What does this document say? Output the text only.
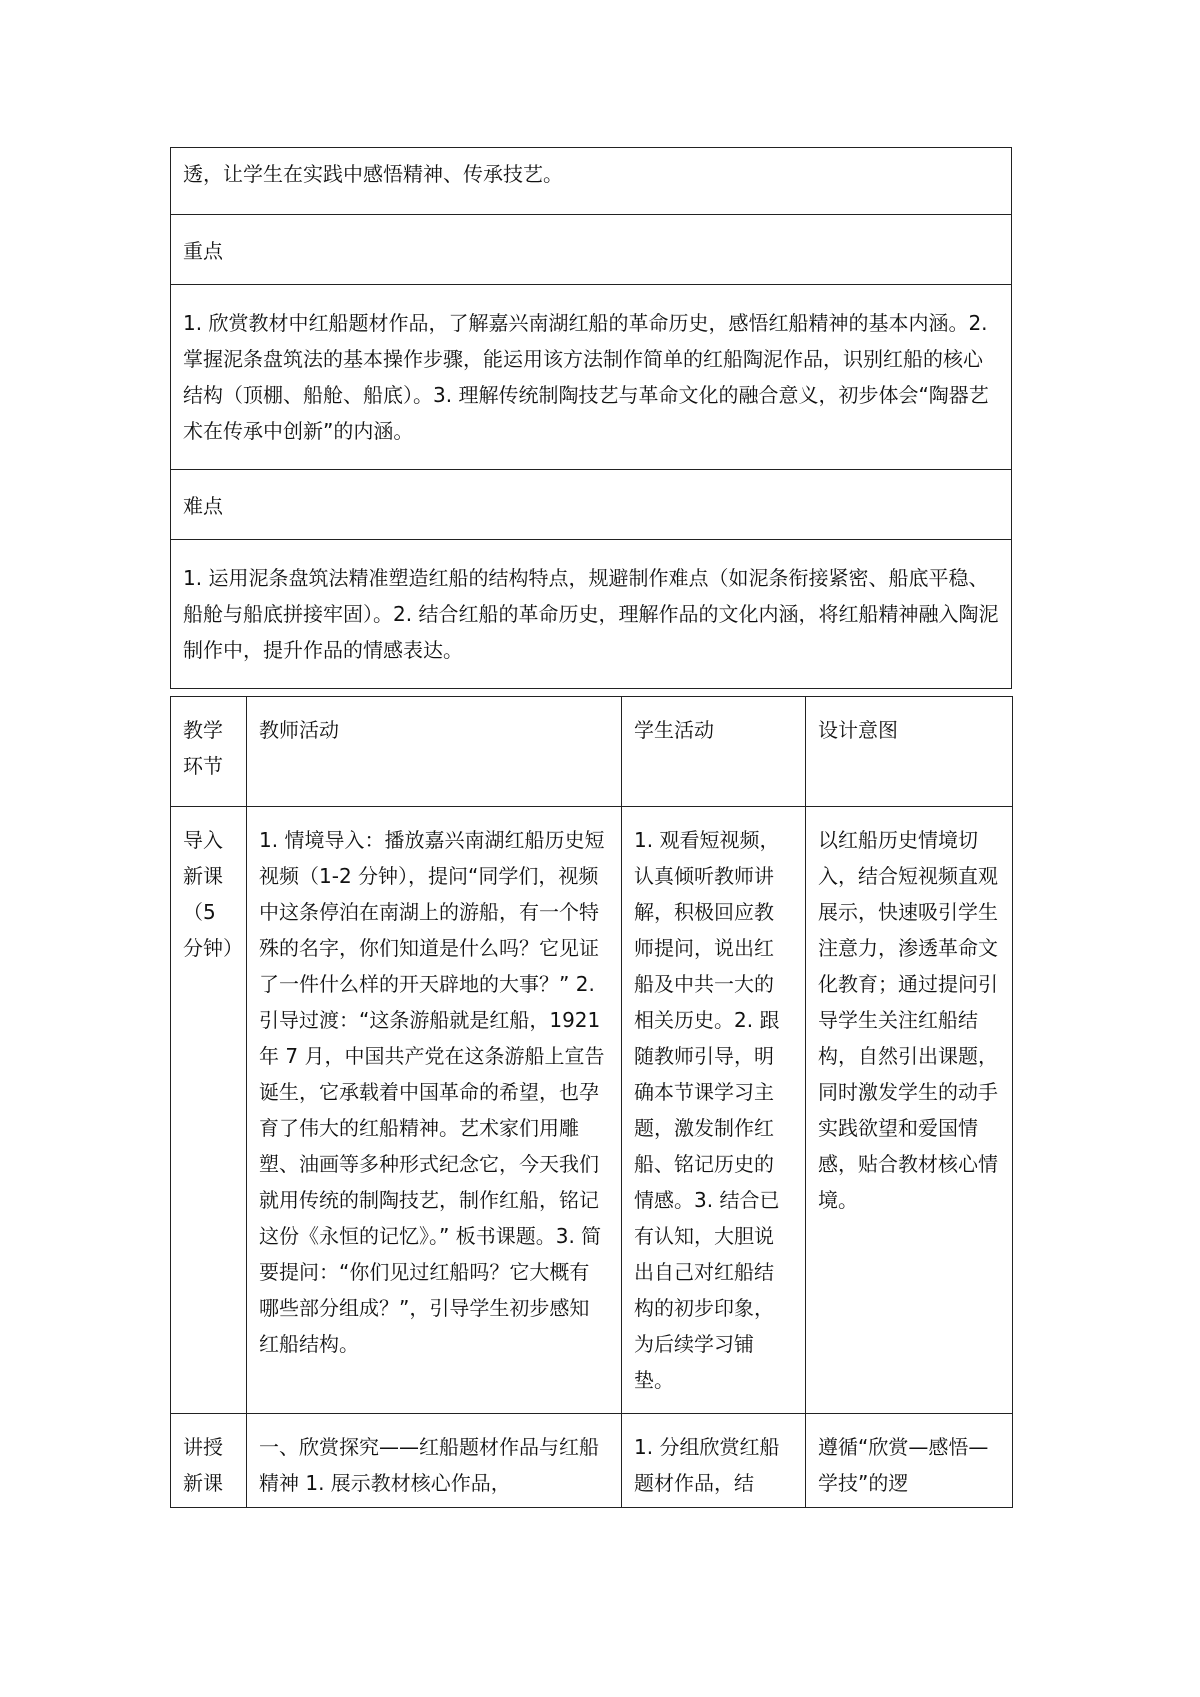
透，让学生在实践中感悟精神、传承技艺。
重点
1. 欣赏教材中红船题材作品，了解嘉兴南湖红船的革命历史，感悟红船精神的基本内涵。2. 掌握泥条盘筑法的基本操作步骤，能运用该方法制作简单的红船陶泥作品，识别红船的核心结构（顶棚、船舱、船底）。3. 理解传统制陶技艺与革命文化的融合意义，初步体会“陶器艺术在传承中创新”的内涵。
难点
1. 运用泥条盘筑法精准塑造红船的结构特点，规避制作难点（如泥条衔接紧密、船底平稳、船舱与船底拼接牢固）。2. 结合红船的革命历史，理解作品的文化内涵，将红船精神融入陶泥制作中，提升作品的情感表达。
教学环节	教师活动	学生活动	设计意图
导入新课（5分钟）	1. 情境导入：播放嘉兴南湖红船历史短视频（1-2 分钟），提问“同学们，视频中这条停泊在南湖上的游船，有一个特殊的名字，你们知道是什么吗？它见证了一件什么样的开天辟地的大事？” 2. 引导过渡：“这条游船就是红船，1921 年 7 月，中国共产党在这条游船上宣告诞生，它承载着中国革命的希望，也孕育了伟大的红船精神。艺术家们用雕塑、油画等多种形式纪念它，今天我们就用传统的制陶技艺，制作红船，铭记这份《永恒的记忆》。” 板书课题。3. 简要提问：“你们见过红船吗？它大概有哪些部分组成？”，引导学生初步感知红船结构。	1. 观看短视频，认真倾听教师讲解，积极回应教师提问，说出红船及中共一大的相关历史。2. 跟随教师引导，明确本节课学习主题，激发制作红船、铭记历史的情感。3. 结合已有认知，大胆说出自己对红船结构的初步印象，为后续学习铺垫。	以红船历史情境切入，结合短视频直观展示，快速吸引学生注意力，渗透革命文化教育；通过提问引导学生关注红船结构，自然引出课题，同时激发学生的动手实践欲望和爱国情感，贴合教材核心情境。
讲授新课	一、欣赏探究——红船题材作品与红船精神 1. 展示教材核心作品，	1. 分组欣赏红船题材作品，结	遵循“欣赏—感悟—学技”的逻
